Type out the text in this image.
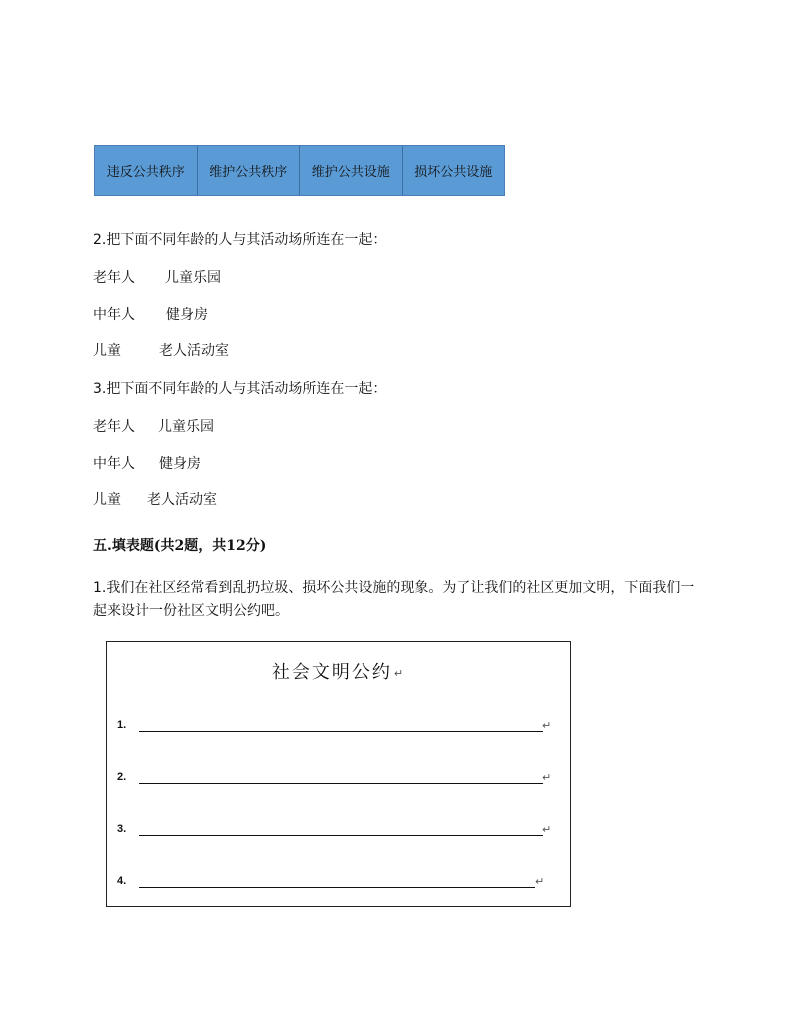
违反公共秩序	维护公共秩序	维护公共设施	损坏公共设施
2.把下面不同年龄的人与其活动场所连在一起：
老年人 儿童乐园
中年人 健身房
儿童	老人活动室
3.把下面不同年龄的人与其活动场所连在一起：
老年人 儿童乐园
中年人 健身房
儿童 老人活动室
五.填表题(共2题，共12分)
1.我们在社区经常看到乱扔垃圾、损坏公共设施的现象。为了让我们的社区更加文明，下面我们一起来设计一份社区文明公约吧。
社会文明公约 ↵
1.	↵
2.	↵
3.	↵
4.	↵
